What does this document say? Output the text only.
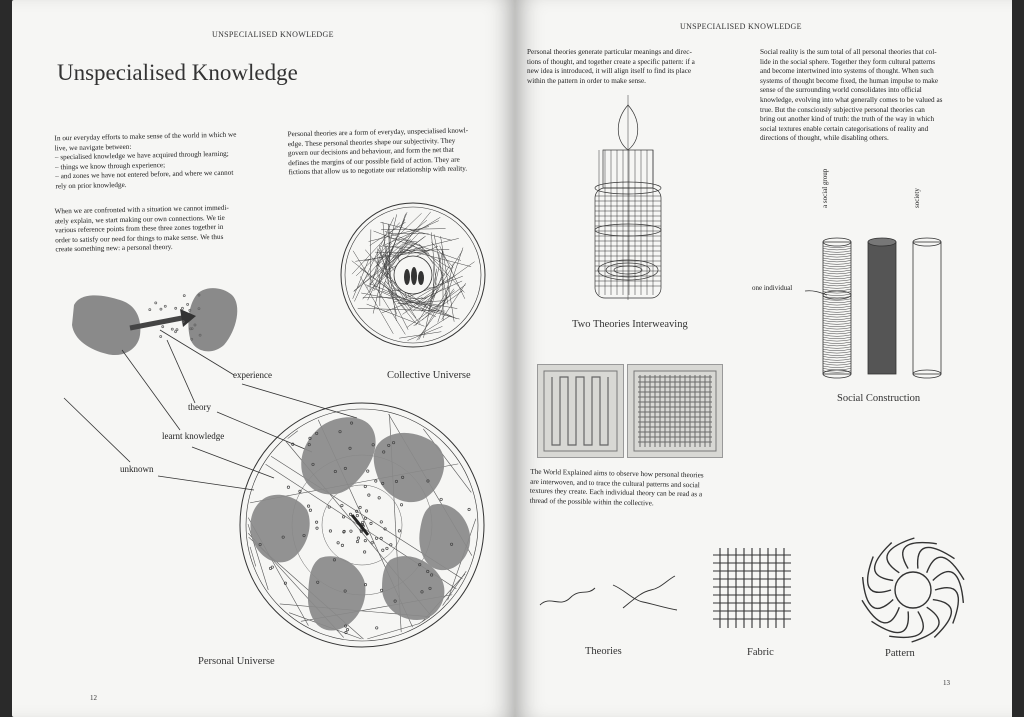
UNSPECIALISED KNOWLEDGE
Unspecialised Knowledge
In our everyday efforts to make sense of the world in which we
live, we navigate between:
– specialised knowledge we have acquired through learning;
– things we know through experience;
– and zones we have not entered before, and where we cannot
rely on prior knowledge.
When we are confronted with a situation we cannot immedi-
ately explain, we start making our own connections. We tie
various reference points from these three zones together in
order to satisfy our need for things to make sense. We thus
create something new: a personal theory.
Personal theories are a form of everyday, unspecialised knowl-
edge. These personal theories shape our subjectivity. They
govern our decisions and behaviour, and form the net that
defines the margins of our possible field of action. They are
fictions that allow us to negotiate our relationship with reality.
Collective Universe
experience
theory
learnt knowledge
unknown
Personal Universe
12
UNSPECIALISED KNOWLEDGE
Personal theories generate particular meanings and direc-
tions of thought, and together create a specific pattern: if a
new idea is introduced, it will align itself to find its place
within the pattern in order to make sense.
Social reality is the sum total of all personal theories that col-
lide in the social sphere. Together they form cultural patterns
and become intertwined into systems of thought. When such
systems of thought become fixed, the human impulse to make
sense of the surrounding world consolidates into official
knowledge, evolving into what generally comes to be valued as
true. But the consciously subjective personal theories can
bring out another kind of truth: the truth of the way in which
social textures enable certain categorisations of reality and
directions of thought, while disabling others.
Two Theories Interweaving
a social group	society
one individual
Social Construction
The World Explained aims to observe how personal theories
are interwoven, and to trace the cultural patterns and social
textures they create. Each individual theory can be read as a
thread of the possible within the collective.
Theories	Fabric	Pattern
13
